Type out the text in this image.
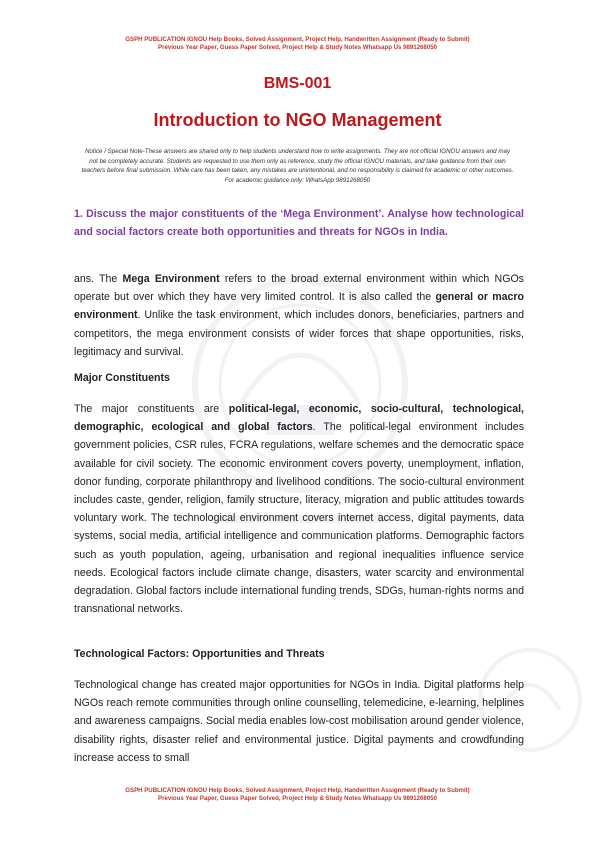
GSPH PUBLICATION IGNOU Help Books, Solved Assignment, Project Help, Handwritten Assignment (Ready to Submit)
Previous Year Paper, Guess Paper Solved, Project Help & Study Notes Whatsapp Us 9891268050
BMS-001
Introduction to NGO Management
Notice / Special Note-These answers are shared only to help students understand how to write assignments. They are not official IGNOU answers and may not be completely accurate. Students are requested to use them only as reference, study the official IGNOU materials, and take guidance from their own teachers before final submission. While care has been taken, any mistakes are unintentional, and no responsibility is claimed for academic or other outcomes. For academic guidance only: WhatsApp 9891268050
1. Discuss the major constituents of the ‘Mega Environment’. Analyse how technological and social factors create both opportunities and threats for NGOs in India.
ans. The Mega Environment refers to the broad external environment within which NGOs operate but over which they have very limited control. It is also called the general or macro environment. Unlike the task environment, which includes donors, beneficiaries, partners and competitors, the mega environment consists of wider forces that shape opportunities, risks, legitimacy and survival.
Major Constituents
The major constituents are political-legal, economic, socio-cultural, technological, demographic, ecological and global factors. The political-legal environment includes government policies, CSR rules, FCRA regulations, welfare schemes and the democratic space available for civil society. The economic environment covers poverty, unemployment, inflation, donor funding, corporate philanthropy and livelihood conditions. The socio-cultural environment includes caste, gender, religion, family structure, literacy, migration and public attitudes towards voluntary work. The technological environment covers internet access, digital payments, data systems, social media, artificial intelligence and communication platforms. Demographic factors such as youth population, ageing, urbanisation and regional inequalities influence service needs. Ecological factors include climate change, disasters, water scarcity and environmental degradation. Global factors include international funding trends, SDGs, human-rights norms and transnational networks.
Technological Factors: Opportunities and Threats
Technological change has created major opportunities for NGOs in India. Digital platforms help NGOs reach remote communities through online counselling, telemedicine, e-learning, helplines and awareness campaigns. Social media enables low-cost mobilisation around gender violence, disability rights, disaster relief and environmental justice. Digital payments and crowdfunding increase access to small
GSPH PUBLICATION IGNOU Help Books, Solved Assignment, Project Help, Handwritten Assignment (Ready to Submit)
Previous Year Paper, Guess Paper Solved, Project Help & Study Notes Whatsapp Us 9891268050
